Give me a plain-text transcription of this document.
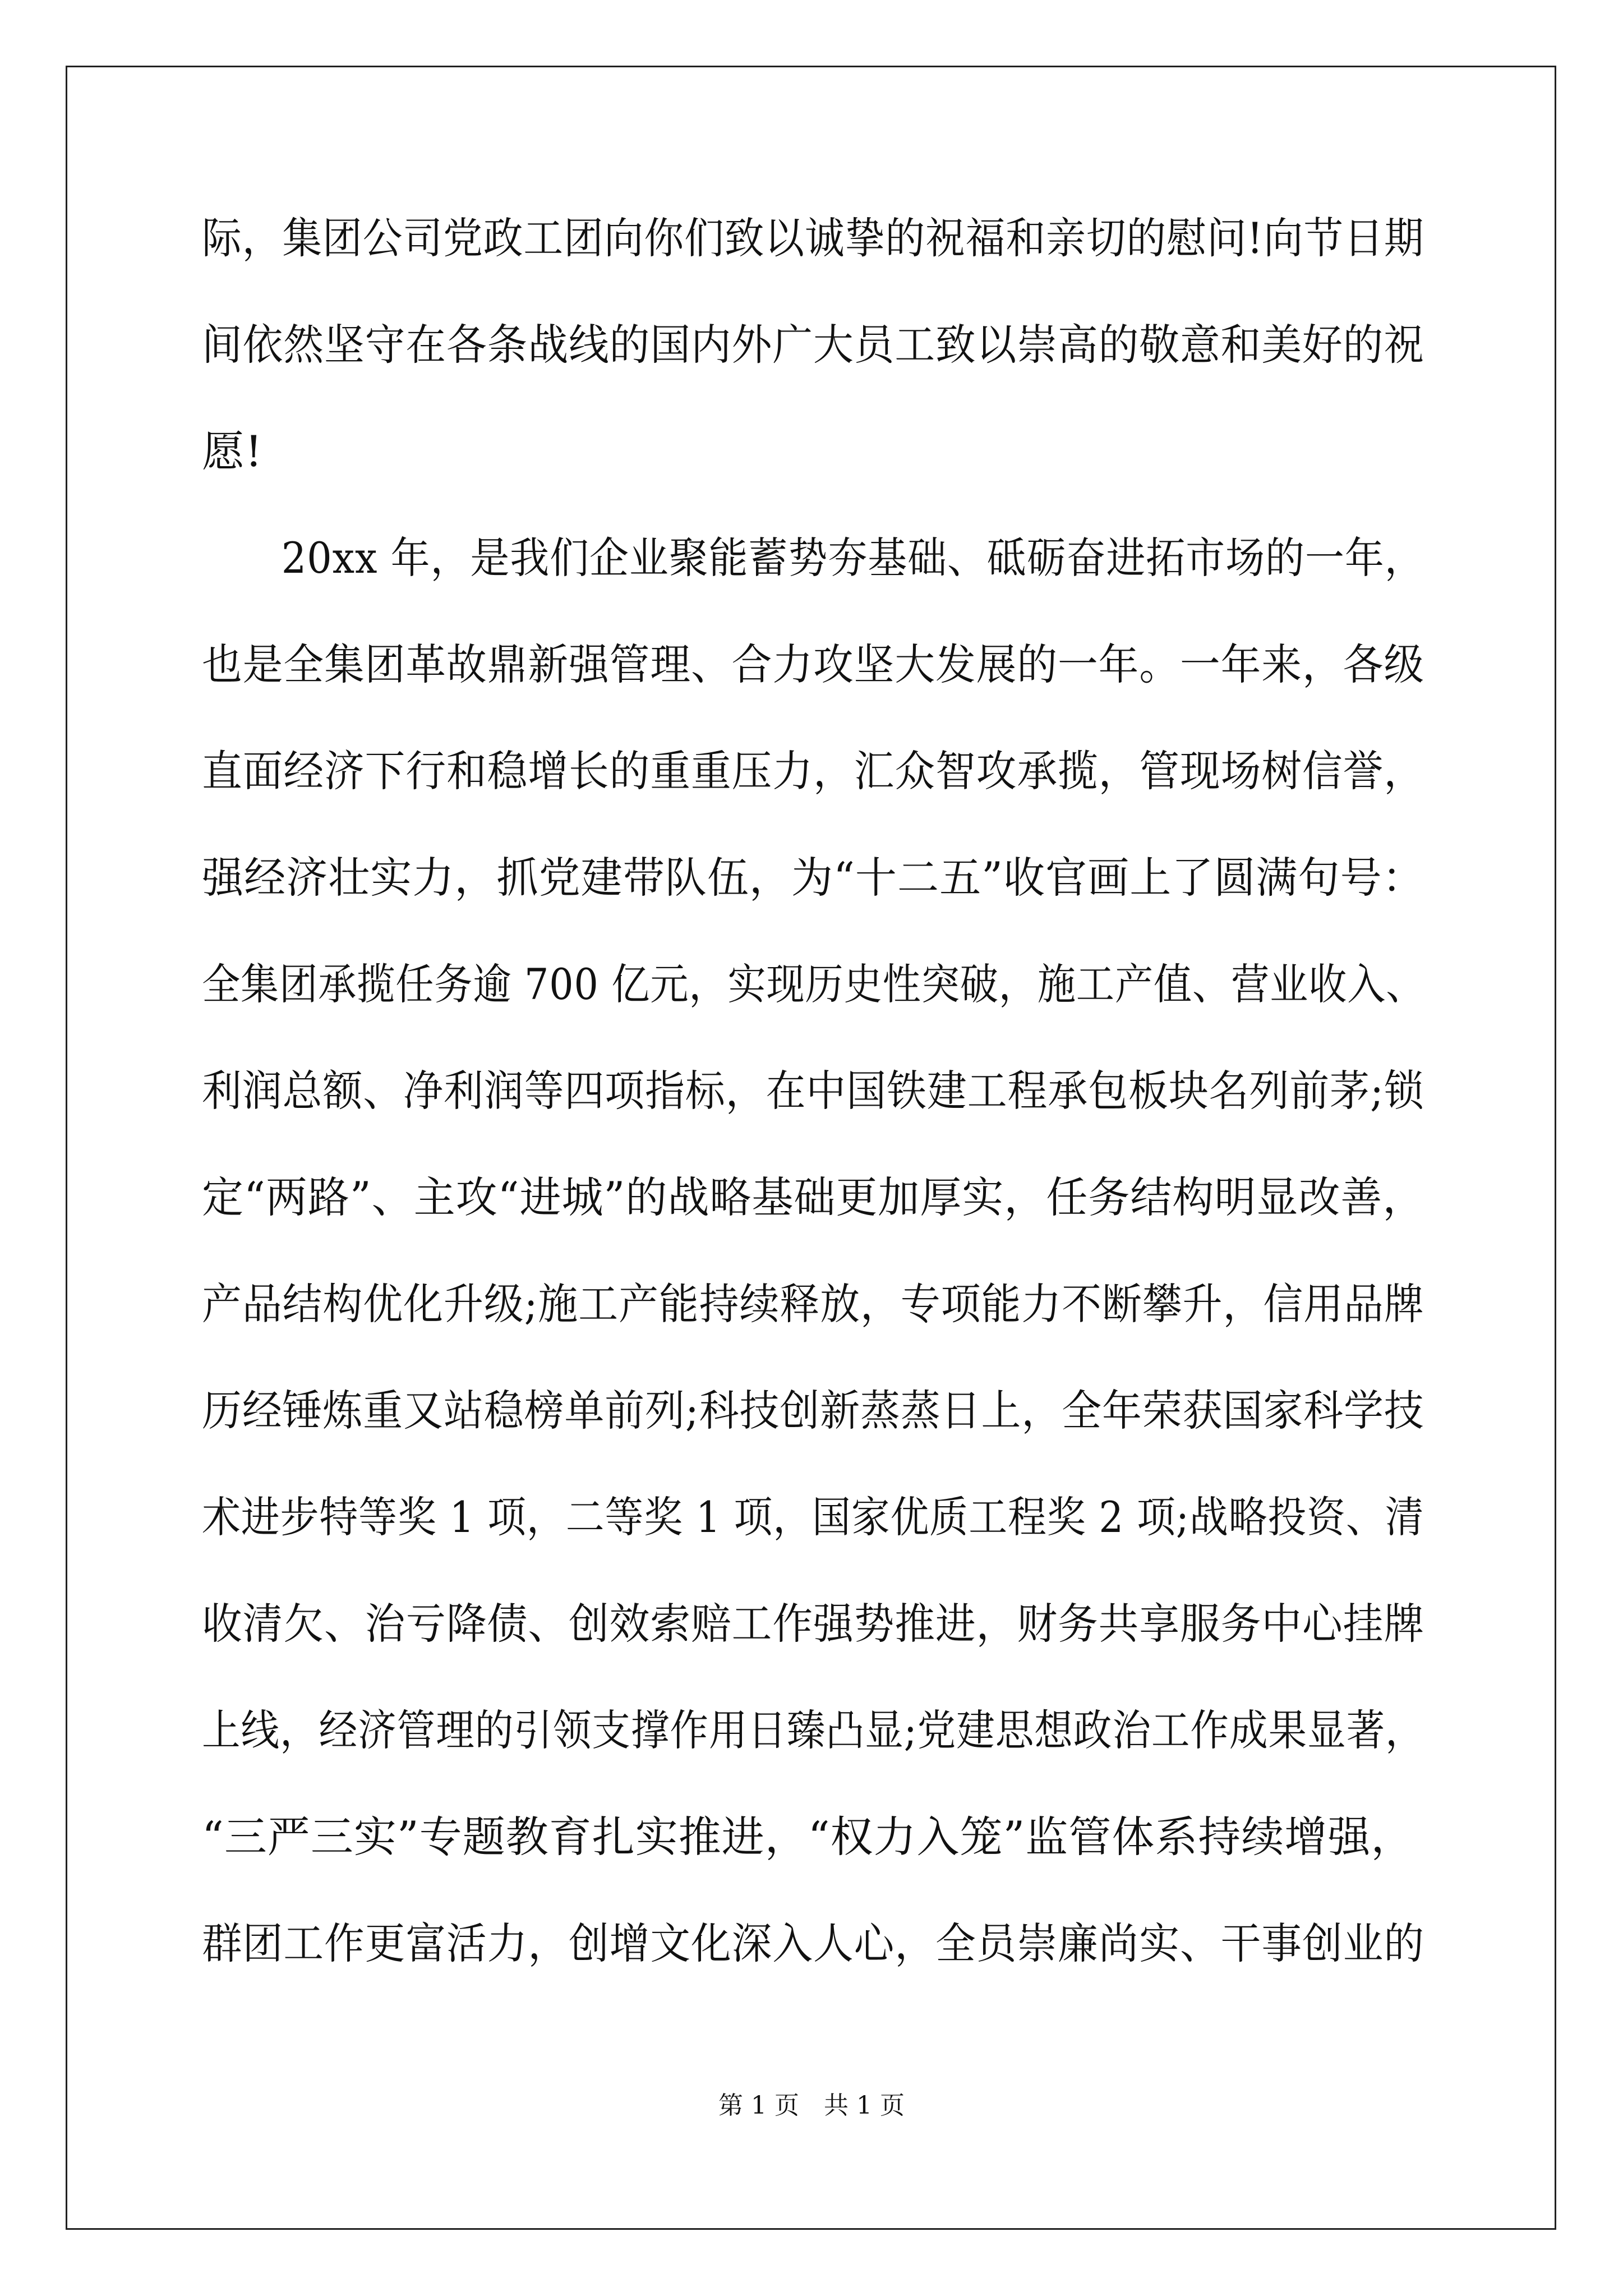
际，集团公司党政工团向你们致以诚挚的祝福和亲切的慰问!向节日期
间依然坚守在各条战线的国内外广大员工致以崇高的敬意和美好的祝
愿!
　　20xx 年，是我们企业聚能蓄势夯基础、砥砺奋进拓市场的一年，
也是全集团革故鼎新强管理、合力攻坚大发展的一年。一年来，各级
直面经济下行和稳增长的重重压力，汇众智攻承揽，管现场树信誉，
强经济壮实力，抓党建带队伍，为“十二五”收官画上了圆满句号：
全集团承揽任务逾 700 亿元，实现历史性突破，施工产值、营业收入、
利润总额、净利润等四项指标，在中国铁建工程承包板块名列前茅;锁
定“两路”、主攻“进城”的战略基础更加厚实，任务结构明显改善，
产品结构优化升级;施工产能持续释放，专项能力不断攀升，信用品牌
历经锤炼重又站稳榜单前列;科技创新蒸蒸日上，全年荣获国家科学技
术进步特等奖 1 项，二等奖 1 项，国家优质工程奖 2 项;战略投资、清
收清欠、治亏降债、创效索赔工作强势推进，财务共享服务中心挂牌
上线，经济管理的引领支撑作用日臻凸显;党建思想政治工作成果显著，
“三严三实”专题教育扎实推进，“权力入笼”监管体系持续增强，
群团工作更富活力，创增文化深入人心，全员崇廉尚实、干事创业的
第 1 页　共 1 页
